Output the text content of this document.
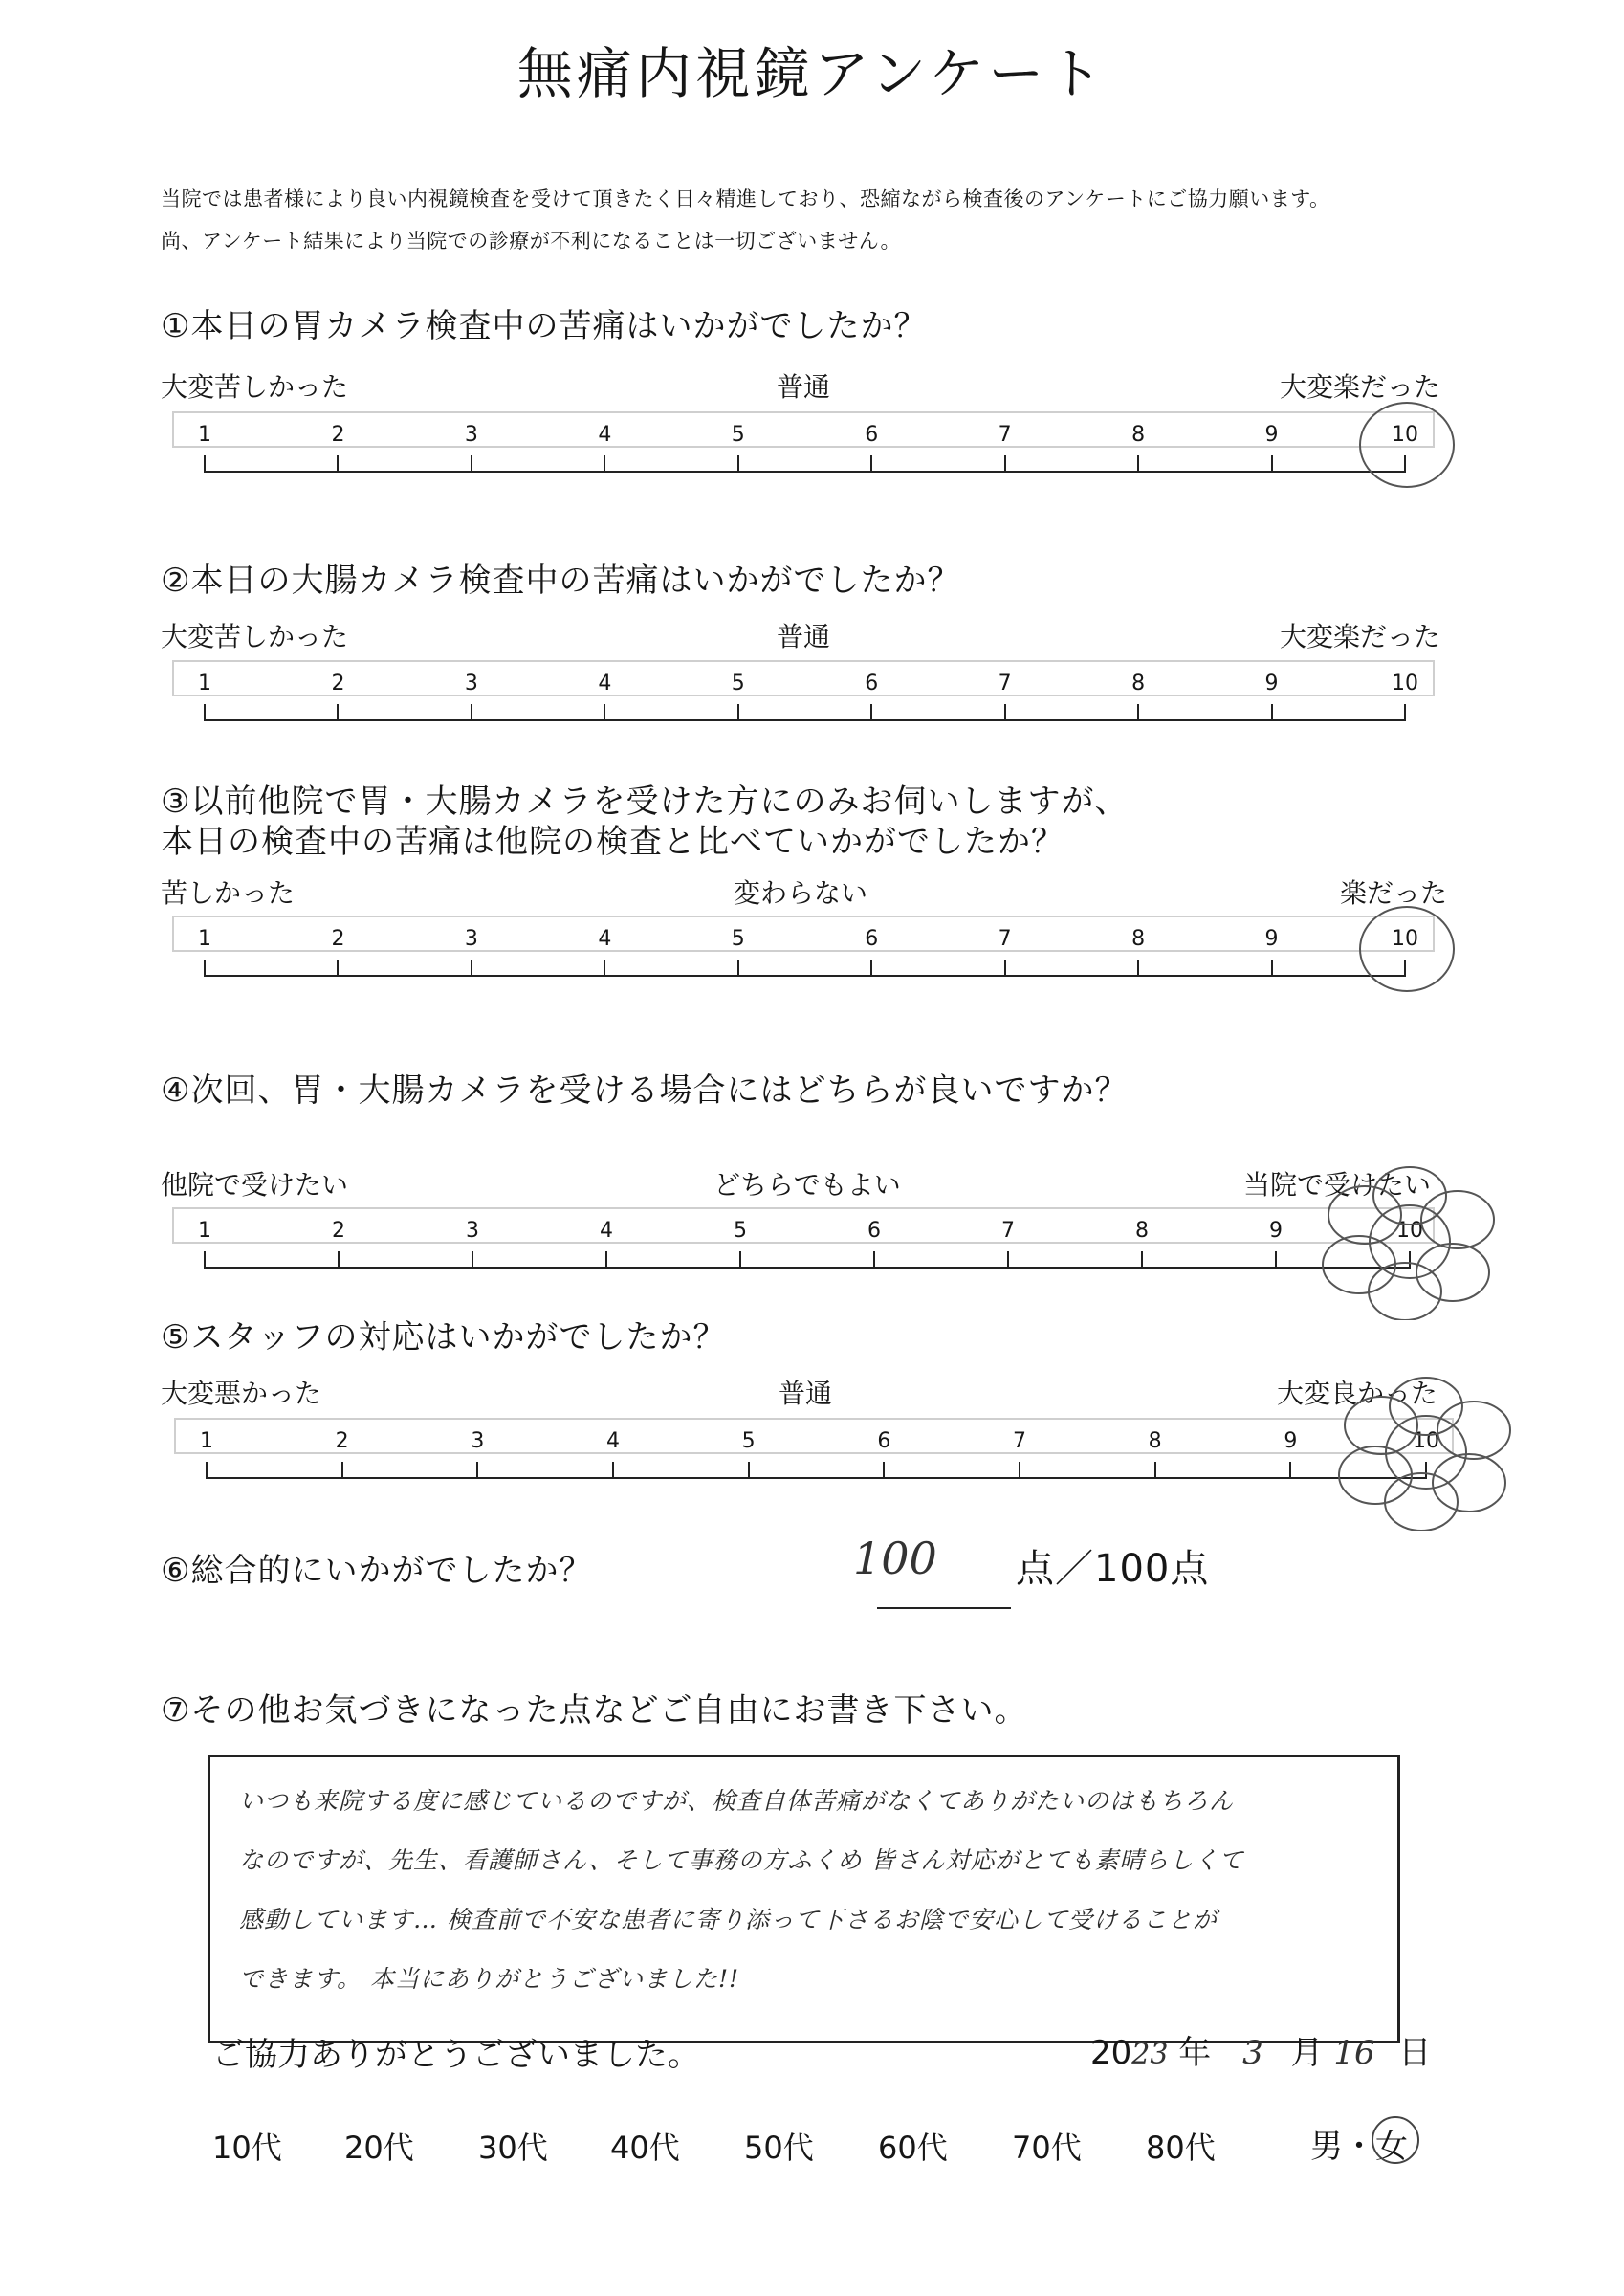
無痛内視鏡アンケート
当院では患者様により良い内視鏡検査を受けて頂きたく日々精進しており、恐縮ながら検査後のアンケートにご協力願います。
尚、アンケート結果により当院での診療が不利になることは一切ございません。
①本日の胃カメラ検査中の苦痛はいかがでしたか？
大変苦しかった	普通	大変楽だった
1	2	3	4	5	6	7	8	9	10
②本日の大腸カメラ検査中の苦痛はいかがでしたか？
大変苦しかった	普通	大変楽だった
1	2	3	4	5	6	7	8	9	10
③以前他院で胃・大腸カメラを受けた方にのみお伺いしますが、
本日の検査中の苦痛は他院の検査と比べていかがでしたか？
苦しかった	変わらない	楽だった
1	2	3	4	5	6	7	8	9	10
④次回、胃・大腸カメラを受ける場合にはどちらが良いですか？
他院で受けたい	どちらでもよい	当院で受けたい
1	2	3	4	5	6	7	8	9	10
⑤スタッフの対応はいかがでしたか？
大変悪かった	普通	大変良かった
1	2	3	4	5	6	7	8	9	10
⑥総合的にいかがでしたか？	100 点／100点
⑦その他お気づきになった点などご自由にお書き下さい。
いつも来院する度に感じているのですが、検査自体苦痛がなくてありがたいのはもちろん
なのですが、先生、看護師さん、そして事務の方ふくめ 皆さん対応がとても素晴らしくて
感動しています… 検査前で不安な患者に寄り添って下さるお陰で安心して受けることが
できます。 本当にありがとうございました!!
ご協力ありがとうございました。	2023 年 3 月 16 日
10代 20代 30代 40代 50代 60代 70代 80代	男・女
